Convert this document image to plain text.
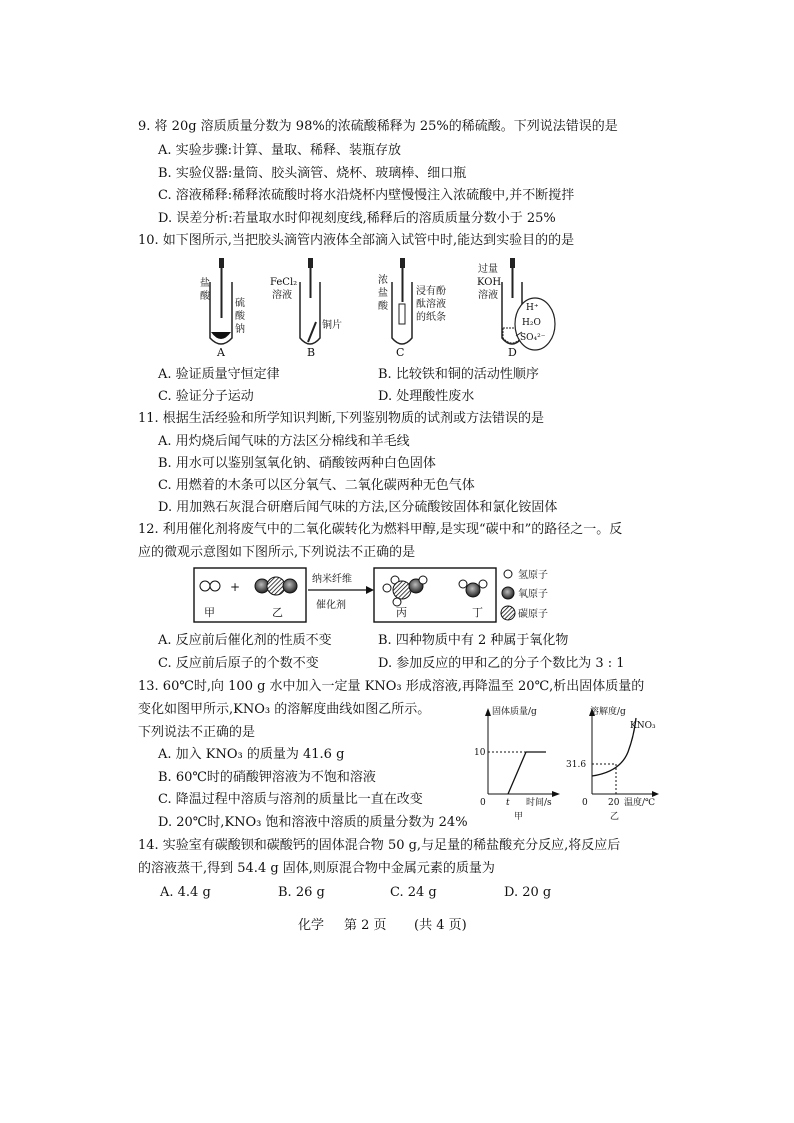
9. 将 20g 溶质质量分数为 98%的浓硫酸稀释为 25%的稀硫酸。下列说法错误的是
A. 实验步骤:计算、量取、稀释、装瓶存放
B. 实验仪器:量筒、胶头滴管、烧杯、玻璃棒、细口瓶
C. 溶液稀释:稀释浓硫酸时将水沿烧杯内壁慢慢注入浓硫酸中,并不断搅拌
D. 误差分析:若量取水时仰视刻度线,稀释后的溶质质量分数小于 25%
10. 如下图所示,当把胶头滴管内液体全部滴入试管中时,能达到实验目的的是
盐
酸
硫
酸
钠
A
FeCl₂
溶液
铜片
B
浓
盐
酸
浸有酚
酞溶液
的纸条
C
过量
KOH
溶液
H⁺
H₂O
SO₄²⁻
D
A. 验证质量守恒定律	B. 比较铁和铜的活动性顺序
C. 验证分子运动	D. 处理酸性废水
11. 根据生活经验和所学知识判断,下列鉴别物质的试剂或方法错误的是
A. 用灼烧后闻气味的方法区分棉线和羊毛线
B. 用水可以鉴别氢氧化钠、硝酸铵两种白色固体
C. 用燃着的木条可以区分氧气、二氧化碳两种无色气体
D. 用加熟石灰混合研磨后闻气味的方法,区分硫酸铵固体和氯化铵固体
12. 利用催化剂将废气中的二氧化碳转化为燃料甲醇,是实现“碳中和”的路径之一。反
应的微观示意图如下图所示,下列说法不正确的是
+
甲	乙
纳米纤维
催化剂
丙	丁
氢原子
氧原子
碳原子
A. 反应前后催化剂的性质不变	B. 四种物质中有 2 种属于氧化物
C. 反应前后原子的个数不变	D. 参加反应的甲和乙的分子个数比为 3 : 1
13. 60℃时,向 100 g 水中加入一定量 KNO₃ 形成溶液,再降温至 20℃,析出固体质量的
变化如图甲所示,KNO₃ 的溶解度曲线如图乙所示。
下列说法不正确的是
A. 加入 KNO₃ 的质量为 41.6 g
B. 60℃时的硝酸钾溶液为不饱和溶液
C. 降温过程中溶质与溶剂的质量比一直在改变
D. 20℃时,KNO₃ 饱和溶液中溶质的质量分数为 24%
固体质量/g
10
0 t 时间/s
甲
溶解度/g
KNO₃
31.6
0 20 温度/℃
乙
14. 实验室有碳酸钡和碳酸钙的固体混合物 50 g,与足量的稀盐酸充分反应,将反应后
的溶液蒸干,得到 54.4 g 固体,则原混合物中金属元素的质量为
A. 4.4 g	B. 26 g	C. 24 g	D. 20 g
化学 第 2 页 (共 4 页)
